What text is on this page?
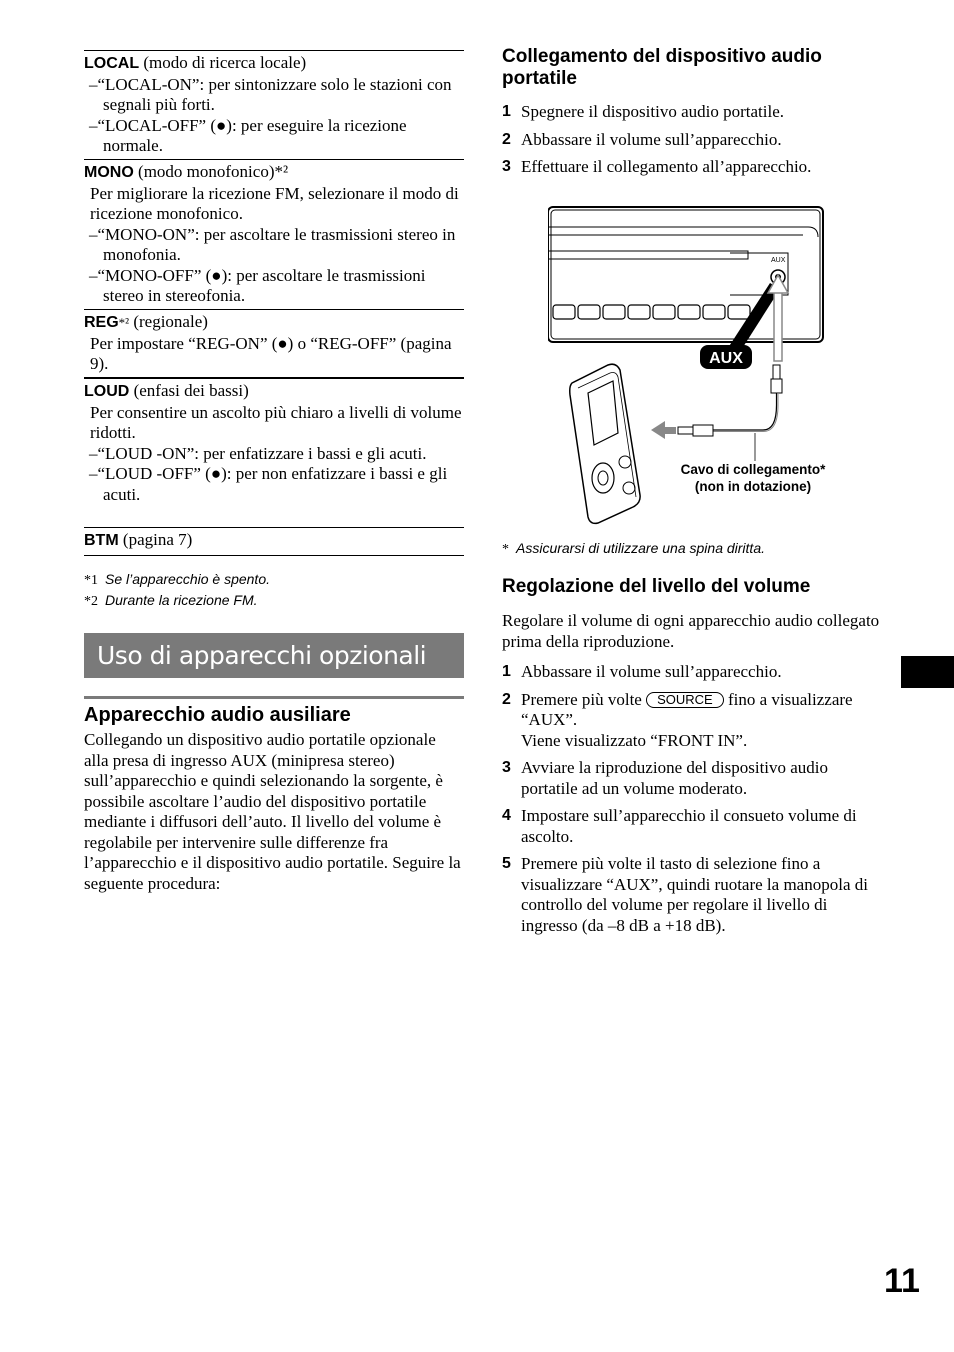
LOCAL (modo di ricerca locale)
–“LOCAL-ON”: per sintonizzare solo le stazioni con segnali più forti.
–“LOCAL-OFF” (●): per eseguire la ricezione normale.
MONO (modo monofonico)*²
Per migliorare la ricezione FM, selezionare il modo di ricezione monofonico.
–“MONO-ON”: per ascoltare le trasmissioni stereo in monofonia.
–“MONO-OFF” (●): per ascoltare le trasmissioni stereo in stereofonia.
REG*² (regionale)
Per impostare “REG-ON” (●) o “REG-OFF” (pagina 9).
LOUD (enfasi dei bassi)
Per consentire un ascolto più chiaro a livelli di volume ridotti.
–“LOUD -ON”: per enfatizzare i bassi e gli acuti.
–“LOUD -OFF” (●): per non enfatizzare i bassi e gli acuti.
BTM (pagina 7)
*1 Se l’apparecchio è spento.
*2 Durante la ricezione FM.
Uso di apparecchi opzionali
Apparecchio audio ausiliare
Collegando un dispositivo audio portatile opzionale alla presa di ingresso AUX (minipresa stereo) sull’apparecchio e quindi selezionando la sorgente, è possibile ascoltare l’audio del dispositivo portatile mediante i diffusori dell’auto. Il livello del volume è regolabile per intervenire sulle differenze fra l’apparecchio e il dispositivo audio portatile. Seguire la seguente procedura:
Collegamento del dispositivo audio portatile
1 Spegnere il dispositivo audio portatile.
2 Abbassare il volume sull’apparecchio.
3 Effettuare il collegamento all’apparecchio.
* Assicurarsi di utilizzare una spina diritta.
Regolazione del livello del volume
Regolare il volume di ogni apparecchio audio collegato prima della riproduzione.
1 Abbassare il volume sull’apparecchio.
2 Premere più volte SOURCE fino a visualizzare “AUX”.
Viene visualizzato “FRONT IN”.
3 Avviare la riproduzione del dispositivo audio portatile ad un volume moderato.
4 Impostare sull’apparecchio il consueto volume di ascolto.
5 Premere più volte il tasto di selezione fino a visualizzare “AUX”, quindi ruotare la manopola di controllo del volume per regolare il livello di ingresso (da –8 dB a +18 dB).
AUX
AUX
Cavo di collegamento*
(non in dotazione)
11
